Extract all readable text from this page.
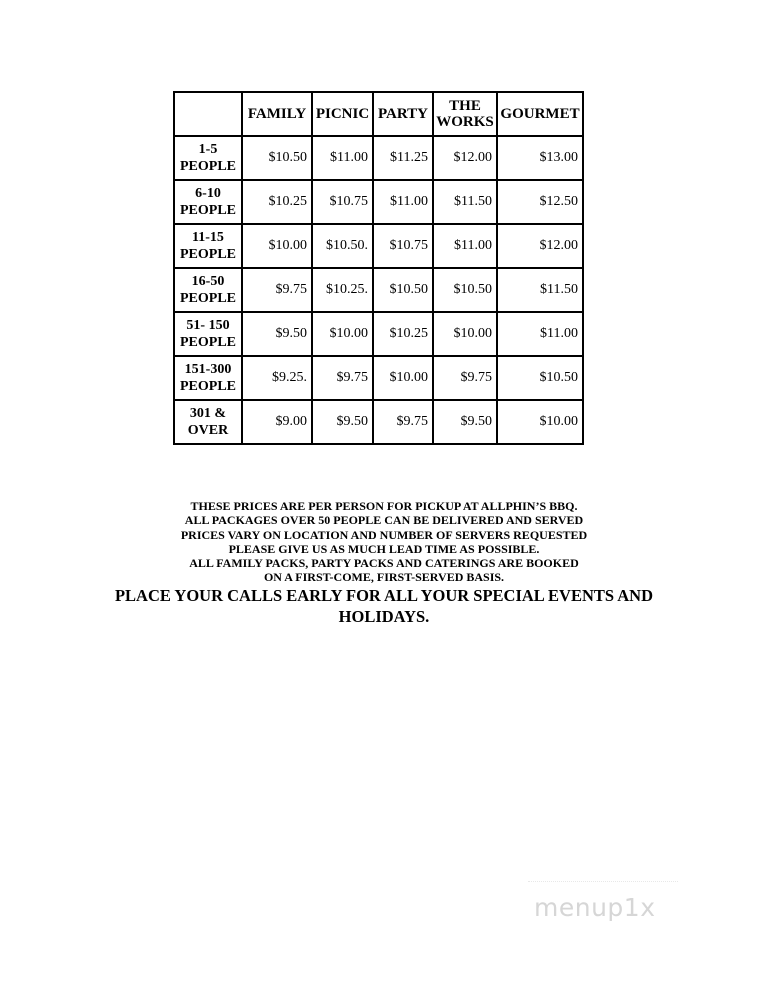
	FAMILY	PICNIC	PARTY	THE
WORKS	GOURMET

1-5
PEOPLE	$10.50	$11.00	$11.25	$12.00	$13.00

6-10
PEOPLE	$10.25	$10.75	$11.00	$11.50	$12.50

11-15
PEOPLE	$10.00	$10.50.	$10.75	$11.00	$12.00

16-50
PEOPLE	$9.75	$10.25.	$10.50	$10.50	$11.50

51- 150
PEOPLE	$9.50	$10.00	$10.25	$10.00	$11.00

151-300
PEOPLE	$9.25.	$9.75	$10.00	$9.75	$10.50

301 &
OVER	$9.00	$9.50	$9.75	$9.50	$10.00
THESE PRICES ARE PER PERSON FOR PICKUP AT ALLPHIN’S BBQ.
ALL PACKAGES OVER 50 PEOPLE CAN BE DELIVERED AND SERVED
PRICES VARY ON LOCATION AND NUMBER OF SERVERS REQUESTED
PLEASE GIVE US AS MUCH LEAD TIME AS POSSIBLE.
ALL FAMILY PACKS, PARTY PACKS AND CATERINGS ARE BOOKED
ON A FIRST-COME, FIRST-SERVED BASIS.
PLACE YOUR CALLS EARLY FOR ALL YOUR SPECIAL EVENTS AND HOLIDAYS.
menup1x
